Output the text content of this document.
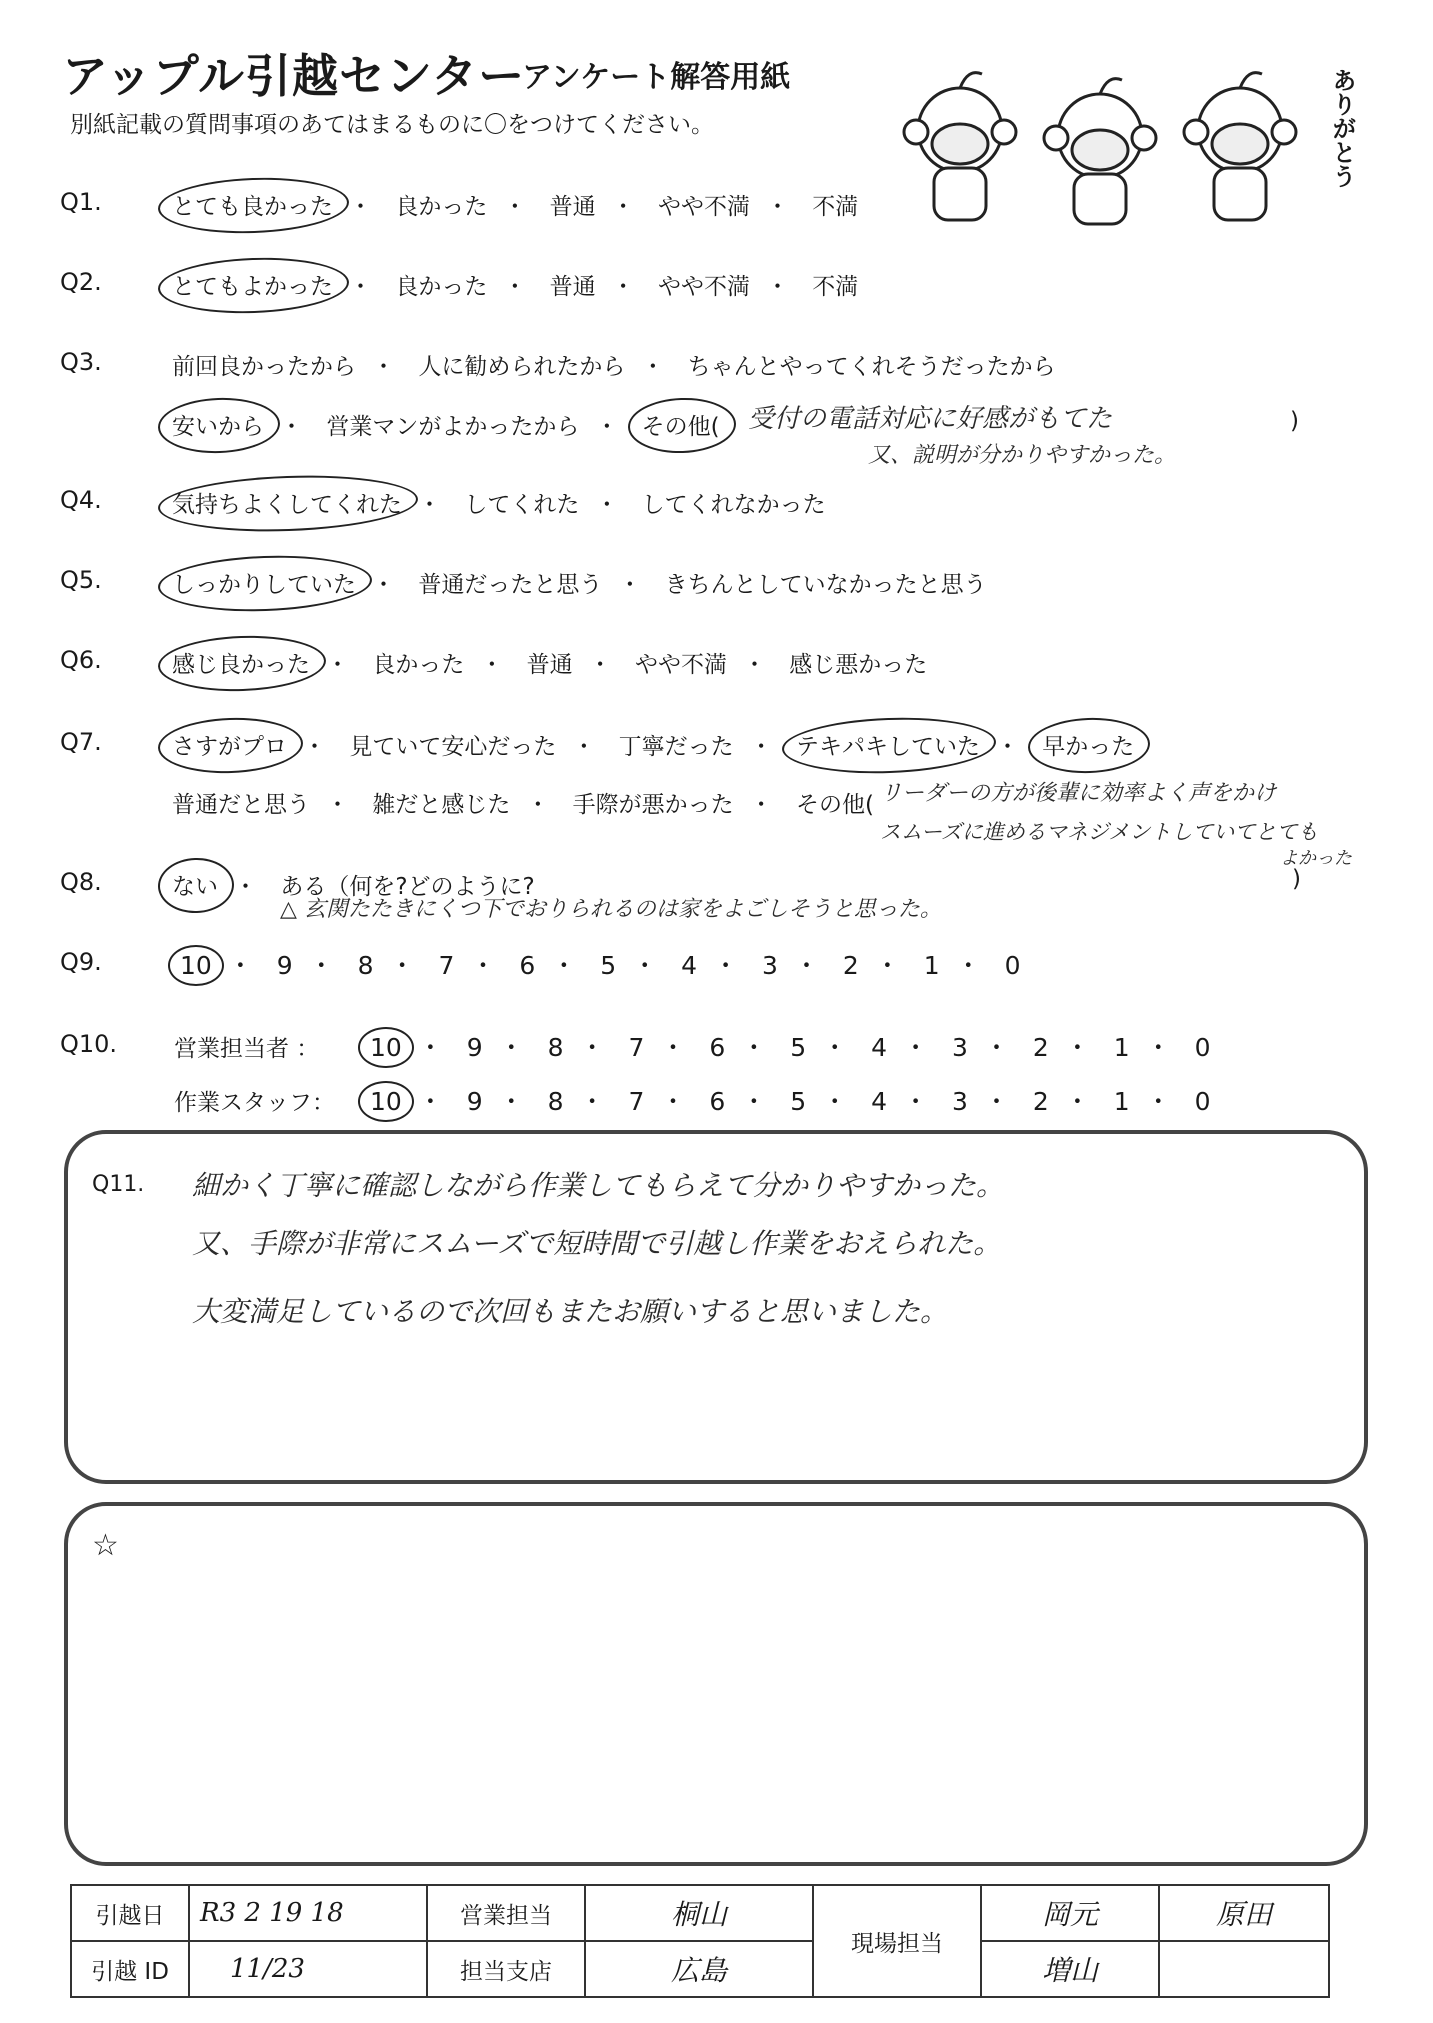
アップル引越センター
アンケート解答用紙
別紙記載の質問事項のあてはまるものに〇をつけてください。	ありがとう
Q1.	とても良かった ・ 良かった ・ 普通 ・ やや不満 ・ 不満
Q2.	とてもよかった ・ 良かった ・ 普通 ・ やや不満 ・ 不満
Q3.	前回良かったから ・ 人に勧められたから ・ ちゃんとやってくれそうだったから
安いから ・ 営業マンがよかったから ・ その他( 受付の電話対応に好感がもてた
又、説明が分かりやすかった。
)
Q4.	気持ちよくしてくれた ・ してくれた ・ してくれなかった
Q5.	しっかりしていた ・ 普通だったと思う ・ きちんとしていなかったと思う
Q6.	感じ良かった ・ 良かった ・ 普通 ・ やや不満 ・ 感じ悪かった
Q7.	さすがプロ ・ 見ていて安心だった ・ 丁寧だった ・ テキパキしていた ・ 早かった
普通だと思う ・ 雑だと感じた ・ 手際が悪かった ・ その他( リーダーの方が後輩に効率よく声をかけ
スムーズに進めるマネジメントしていてとても
よかった
)
Q8.	ない ・ ある（何を?どのように?
△ 玄関たたきにくつ下でおりられるのは家をよごしそうと思った。
Q9.	10 ・ 9 ・ 8 ・ 7 ・ 6 ・ 5 ・ 4 ・ 3 ・ 2 ・ 1 ・ 0
Q10. 営業担当者 ： 10 ・ 9 ・ 8 ・ 7 ・ 6 ・ 5 ・ 4 ・ 3 ・ 2 ・ 1 ・ 0
作業スタッフ： 10 ・ 9 ・ 8 ・ 7 ・ 6 ・ 5 ・ 4 ・ 3 ・ 2 ・ 1 ・ 0
Q11. 細かく丁寧に確認しながら作業してもらえて分かりやすかった。
又、手際が非常にスムーズで短時間で引越し作業をおえられた。
大変満足しているので次回もまたお願いすると思いました。
☆
引越日	R3 2 19 18	営業担当	桐山	現場担当	岡元	原田
引越 ID	11/23	担当支店	広島		増山	
